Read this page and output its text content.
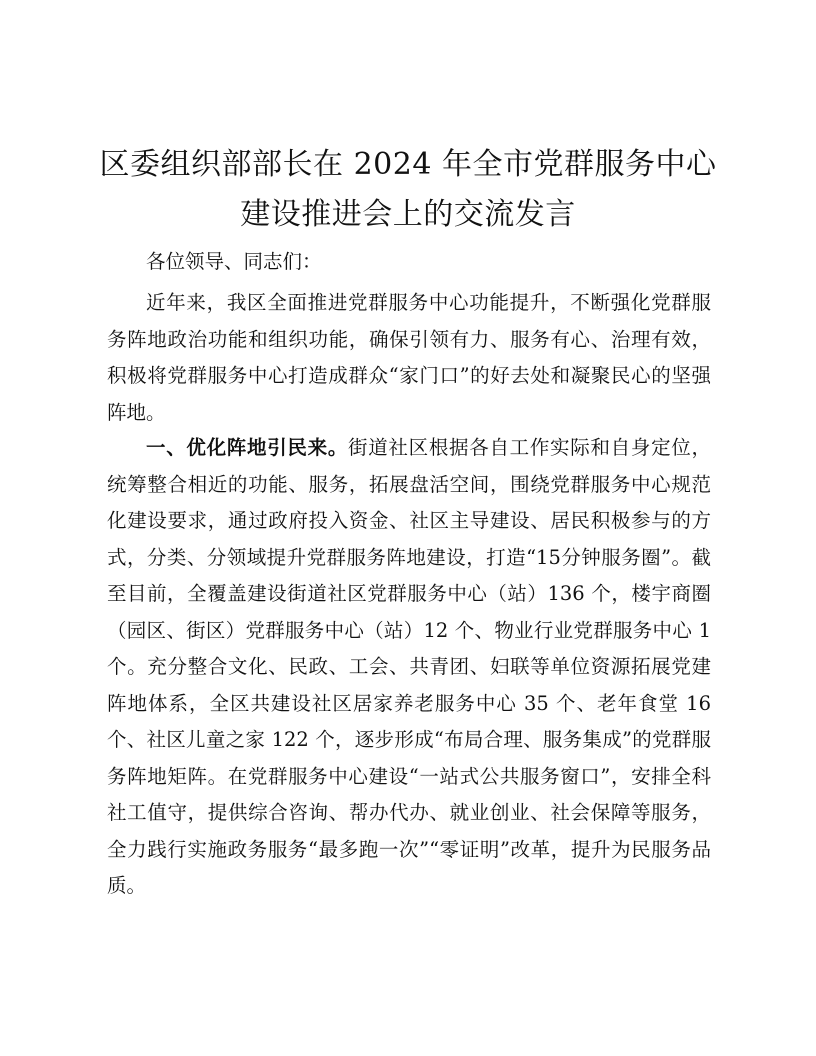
区委组织部部长在 2024 年全市党群服务中心
建设推进会上的交流发言

各位领导、同志们：

近年来，我区全面推进党群服务中心功能提升，不断强化党群服务阵地政治功能和组织功能，确保引领有力、服务有心、治理有效，积极将党群服务中心打造成群众“家门口”的好去处和凝聚民心的坚强阵地。

一、优化阵地引民来。街道社区根据各自工作实际和自身定位，统筹整合相近的功能、服务，拓展盘活空间，围绕党群服务中心规范化建设要求，通过政府投入资金、社区主导建设、居民积极参与的方式，分类、分领域提升党群服务阵地建设，打造“15分钟服务圈”。截至目前，全覆盖建设街道社区党群服务中心（站）136 个，楼宇商圈（园区、街区）党群服务中心（站）12 个、物业行业党群服务中心 1 个。充分整合文化、民政、工会、共青团、妇联等单位资源拓展党建阵地体系，全区共建设社区居家养老服务中心 35 个、老年食堂 16 个、社区儿童之家 122 个，逐步形成“布局合理、服务集成”的党群服务阵地矩阵。在党群服务中心建设“一站式公共服务窗口”，安排全科社工值守，提供综合咨询、帮办代办、就业创业、社会保障等服务，全力践行实施政务服务“最多跑一次”“零证明”改革，提升为民服务品质。
